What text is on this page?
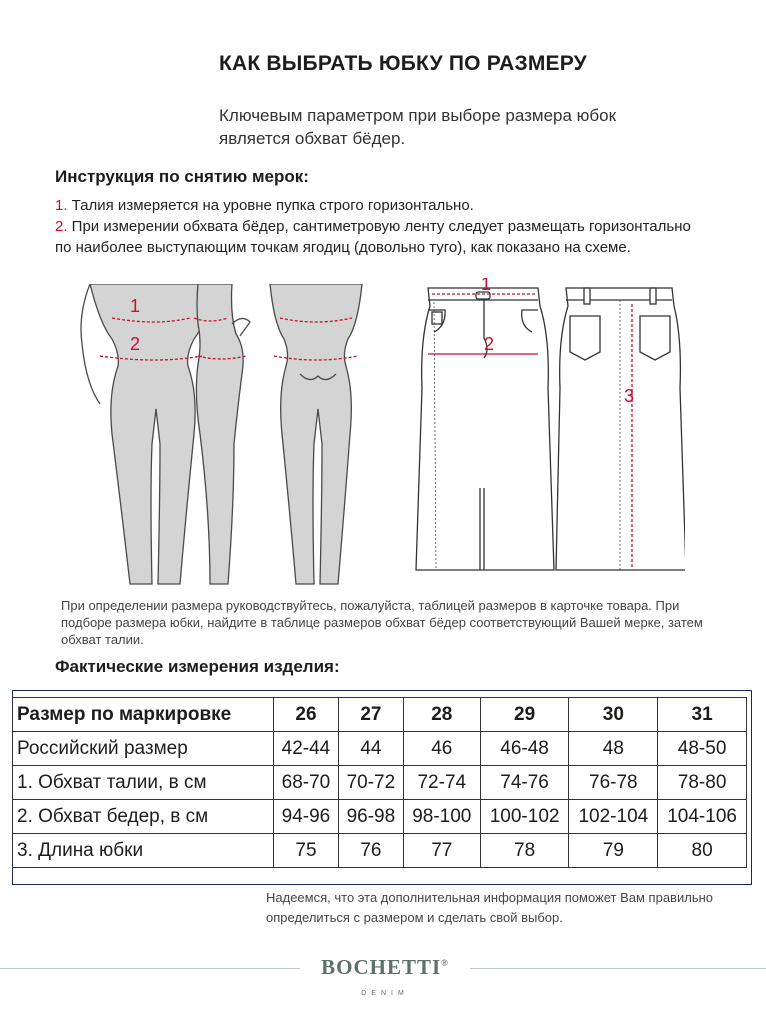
КАК ВЫБРАТЬ ЮБКУ ПО РАЗМЕРУ
Ключевым параметром при выборе размера юбок является обхват бёдер.
Инструкция по снятию мерок:
1. Талия измеряется на уровне пупка строго горизонтально.
2. При измерении обхвата бёдер, сантиметровую ленту следует размещать горизонтально по наиболее выступающим точкам ягодиц (довольно туго), как показано на схеме.
1
2
1
2
3
При определении размера руководствуйтесь, пожалуйста, таблицей размеров в карточке товара. При подборе размера юбки, найдите в таблице размеров обхват бёдер соответствующий Вашей мерке, затем обхват талии.
Фактические измерения изделия:
Размер по маркировке	26	27	28	29	30	31
Российский размер	42-44	44	46	46-48	48	48-50
1. Обхват талии, в см	68-70	70-72	72-74	74-76	76-78	78-80
2. Обхват бедер, в см	94-96	96-98	98-100	100-102	102-104	104-106
3. Длина юбки	75	76	77	78	79	80
Надеемся, что эта дополнительная информация поможет Вам правильно определиться с размером и сделать свой выбор.
BOCHETTI®
DENIM
